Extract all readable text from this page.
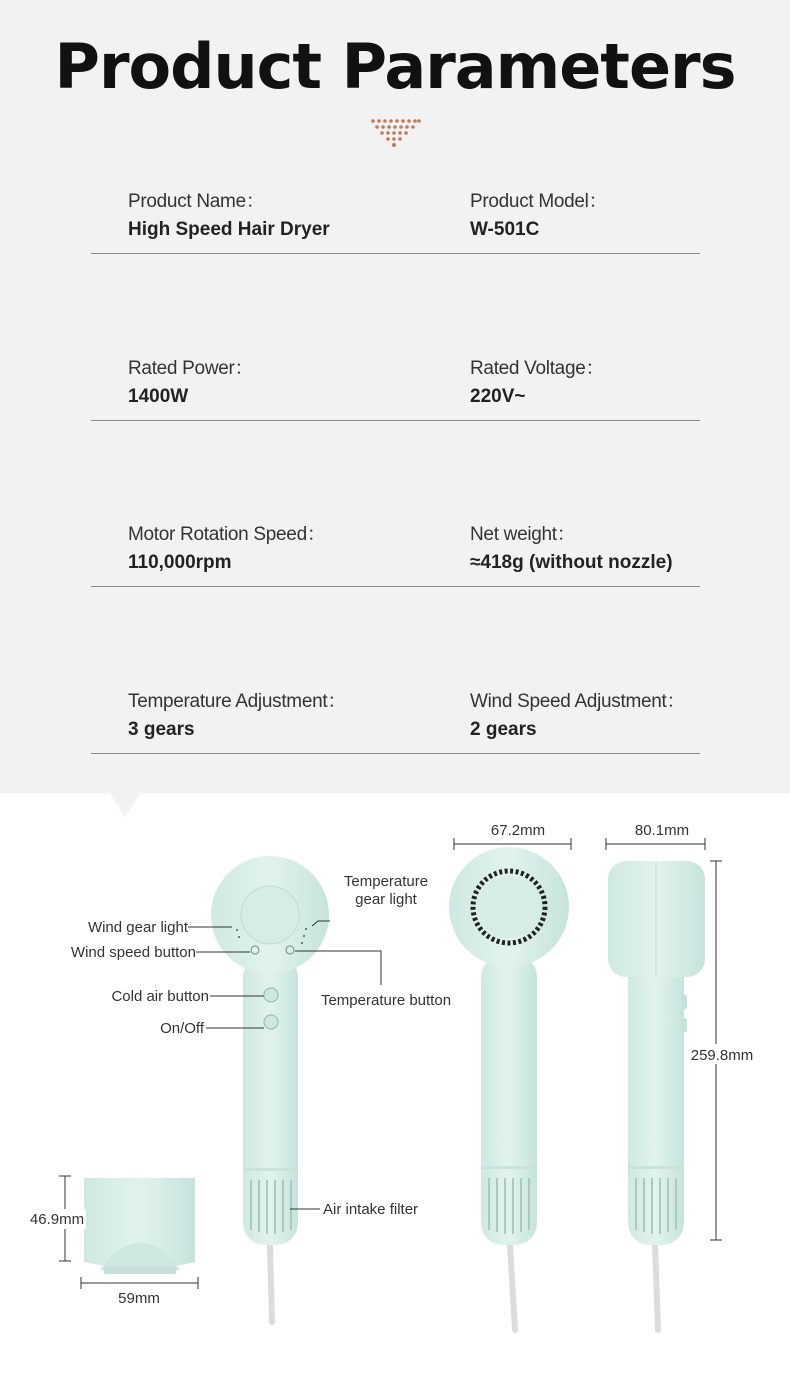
Product Parameters
Product Name：
High Speed Hair Dryer
Product Model：
W-501C
Rated Power：
1400W
Rated Voltage：
220V~
Motor Rotation Speed：
110,000rpm
Net weight：
≈418g (without nozzle)
Temperature Adjustment：
3 gears
Wind Speed Adjustment：
2 gears
Wind gear light
Wind speed button
Cold air button
On/Off
Temperature
gear light
Temperature button
Air intake filter
67.2mm	80.1mm
259.8mm
46.9mm
59mm
